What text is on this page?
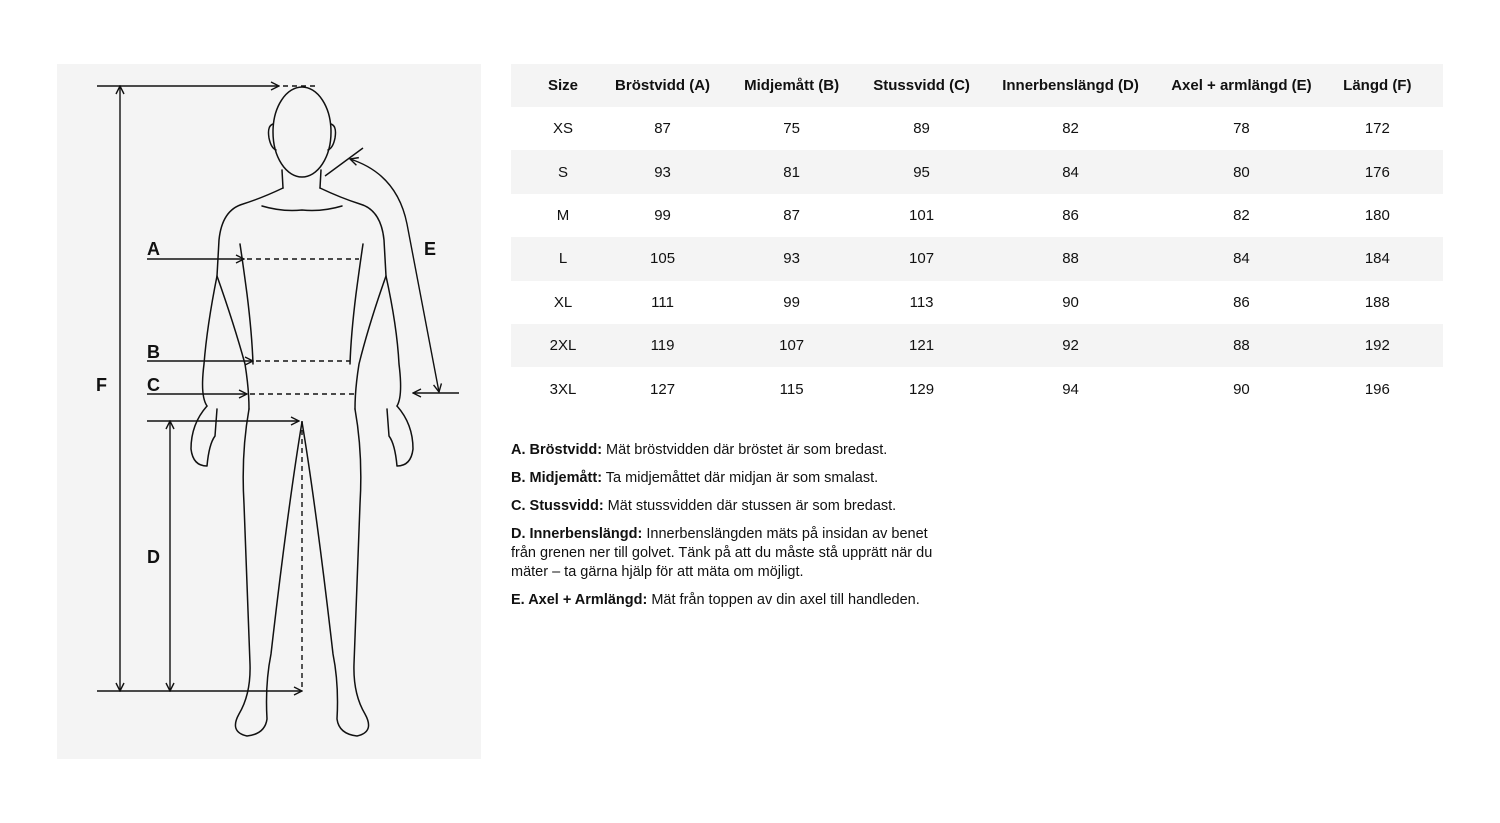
A
B
C
D
E
F
Size	Bröstvidd (A)	Midjemått (B)	Stussvidd (C)	Innerbenslängd (D)	Axel + armlängd (E)	Längd (F)
XS	87	75	89	82	78	172
S	93	81	95	84	80	176
M	99	87	101	86	82	180
L	105	93	107	88	84	184
XL	111	99	113	90	86	188
2XL	119	107	121	92	88	192
3XL	127	115	129	94	90	196

A. Bröstvidd: Mät bröstvidden där bröstet är som bredast.

B. Midjemått: Ta midjemåttet där midjan är som smalast.

C. Stussvidd: Mät stussvidden där stussen är som bredast.

D. Innerbenslängd: Innerbenslängden mäts på insidan av benet från grenen ner till golvet. Tänk på att du måste stå upprätt när du mäter – ta gärna hjälp för att mäta om möjligt.

E. Axel + Armlängd: Mät från toppen av din axel till handleden.
